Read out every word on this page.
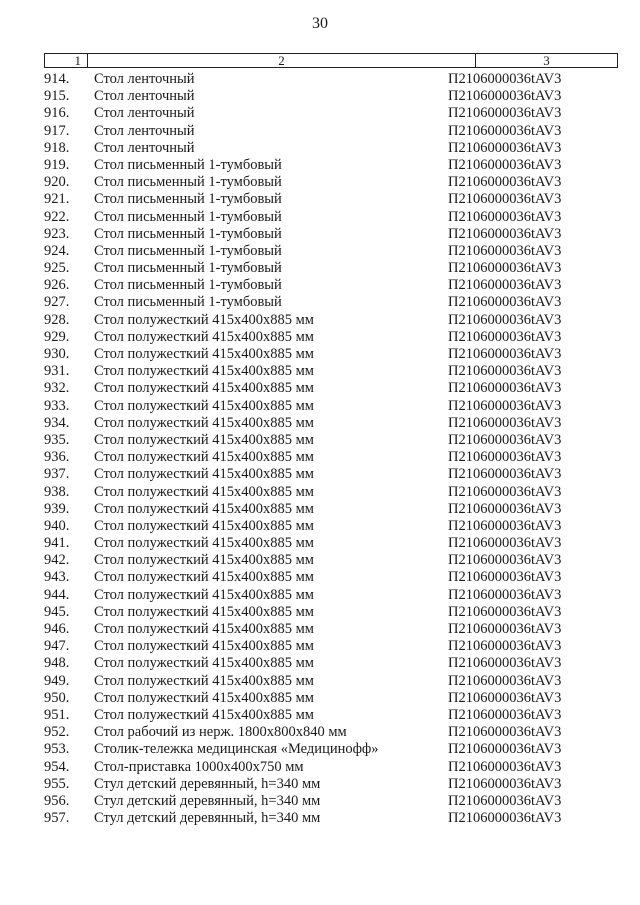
30
1	2	3
914.	Стол ленточный	П2106000036tAV3
915.	Стол ленточный	П2106000036tAV3
916.	Стол ленточный	П2106000036tAV3
917.	Стол ленточный	П2106000036tAV3
918.	Стол ленточный	П2106000036tAV3
919.	Стол письменный 1-тумбовый	П2106000036tAV3
920.	Стол письменный 1-тумбовый	П2106000036tAV3
921.	Стол письменный 1-тумбовый	П2106000036tAV3
922.	Стол письменный 1-тумбовый	П2106000036tAV3
923.	Стол письменный 1-тумбовый	П2106000036tAV3
924.	Стол письменный 1-тумбовый	П2106000036tAV3
925.	Стол письменный 1-тумбовый	П2106000036tAV3
926.	Стол письменный 1-тумбовый	П2106000036tAV3
927.	Стол письменный 1-тумбовый	П2106000036tAV3
928.	Стол полужесткий 415х400х885 мм	П2106000036tAV3
929.	Стол полужесткий 415х400х885 мм	П2106000036tAV3
930.	Стол полужесткий 415х400х885 мм	П2106000036tAV3
931.	Стол полужесткий 415х400х885 мм	П2106000036tAV3
932.	Стол полужесткий 415х400х885 мм	П2106000036tAV3
933.	Стол полужесткий 415х400х885 мм	П2106000036tAV3
934.	Стол полужесткий 415х400х885 мм	П2106000036tAV3
935.	Стол полужесткий 415х400х885 мм	П2106000036tAV3
936.	Стол полужесткий 415х400х885 мм	П2106000036tAV3
937.	Стол полужесткий 415х400х885 мм	П2106000036tAV3
938.	Стол полужесткий 415х400х885 мм	П2106000036tAV3
939.	Стол полужесткий 415х400х885 мм	П2106000036tAV3
940.	Стол полужесткий 415х400х885 мм	П2106000036tAV3
941.	Стол полужесткий 415х400х885 мм	П2106000036tAV3
942.	Стол полужесткий 415х400х885 мм	П2106000036tAV3
943.	Стол полужесткий 415х400х885 мм	П2106000036tAV3
944.	Стол полужесткий 415х400х885 мм	П2106000036tAV3
945.	Стол полужесткий 415х400х885 мм	П2106000036tAV3
946.	Стол полужесткий 415х400х885 мм	П2106000036tAV3
947.	Стол полужесткий 415х400х885 мм	П2106000036tAV3
948.	Стол полужесткий 415х400х885 мм	П2106000036tAV3
949.	Стол полужесткий 415х400х885 мм	П2106000036tAV3
950.	Стол полужесткий 415х400х885 мм	П2106000036tAV3
951.	Стол полужесткий 415х400х885 мм	П2106000036tAV3
952.	Стол рабочий из нерж. 1800х800х840 мм	П2106000036tAV3
953.	Столик-тележка медицинская «Медицинофф»	П2106000036tAV3
954.	Стол-приставка 1000х400х750 мм	П2106000036tAV3
955.	Стул детский деревянный, h=340 мм	П2106000036tAV3
956.	Стул детский деревянный, h=340 мм	П2106000036tAV3
957.	Стул детский деревянный, h=340 мм	П2106000036tAV3
